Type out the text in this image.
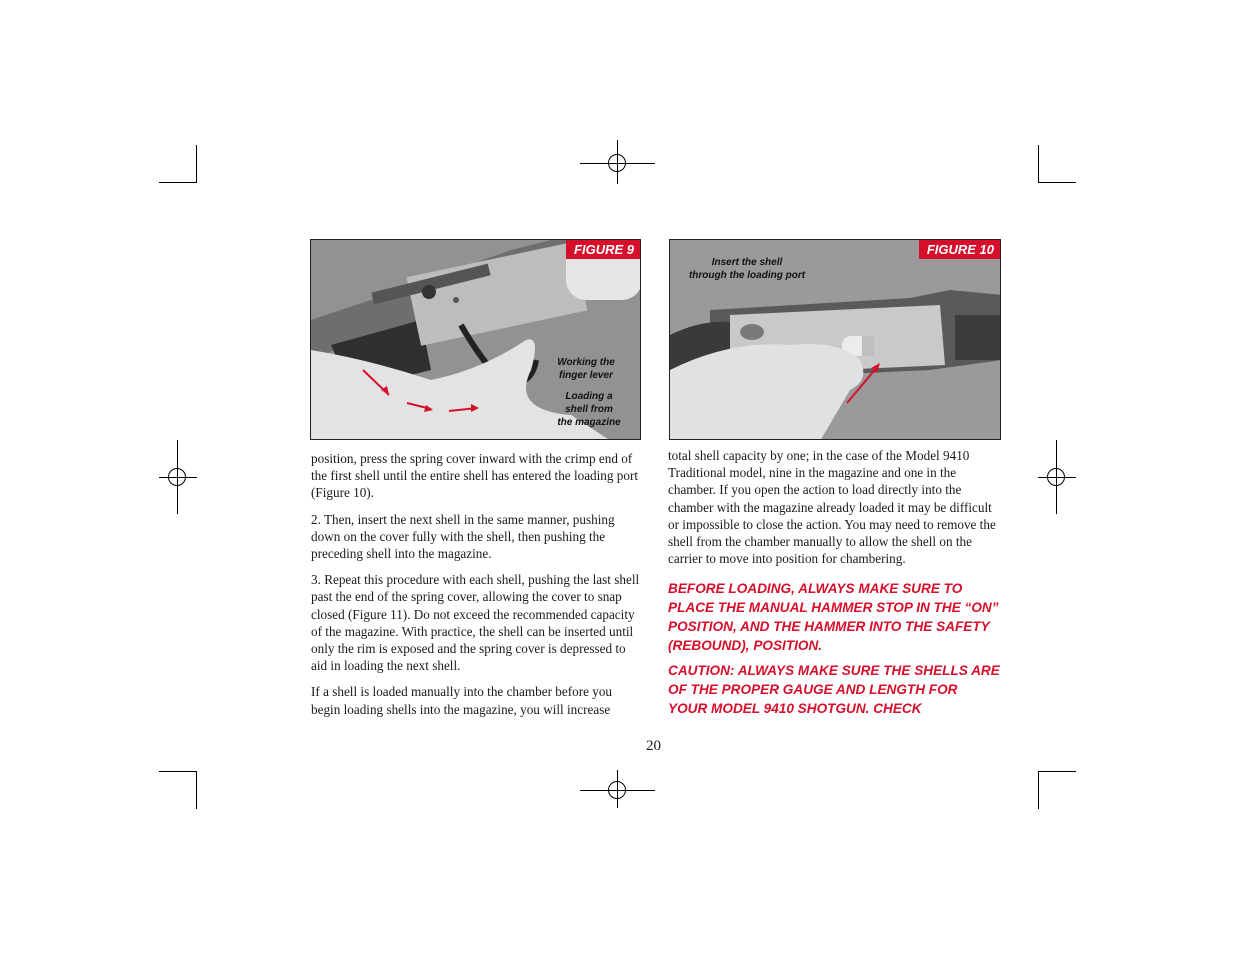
FIGURE 9
Working the
finger lever
Loading a
shell from
the magazine
FIGURE 10
Insert the shell
through the loading port

position, press the spring cover inward with the crimp end of the first shell until the entire shell has entered the loading port (Figure 10).

2. Then, insert the next shell in the same manner, pushing down on the cover fully with the shell, then pushing the preceding shell into the magazine.

3. Repeat this procedure with each shell, pushing the last shell past the end of the spring cover, allowing the cover to snap closed (Figure 11). Do not exceed the recommended capacity of the magazine. With practice, the shell can be inserted until only the rim is exposed and the spring cover is depressed to aid in loading the next shell.

If a shell is loaded manually into the chamber before you begin loading shells into the magazine, you will increase

total shell capacity by one; in the case of the Model 9410 Traditional model, nine in the magazine and one in the chamber. If you open the action to load directly into the chamber with the magazine already loaded it may be difficult or impossible to close the action. You may need to remove the shell from the chamber manually to allow the shell on the carrier to move into position for chambering.

BEFORE LOADING, ALWAYS MAKE SURE TO PLACE THE MANUAL HAMMER STOP IN THE “ON” POSITION, AND THE HAMMER INTO THE SAFETY (REBOUND), POSITION.
CAUTION: ALWAYS MAKE SURE THE SHELLS ARE OF THE PROPER GAUGE AND LENGTH FOR YOUR MODEL 9410 SHOTGUN. CHECK
20
